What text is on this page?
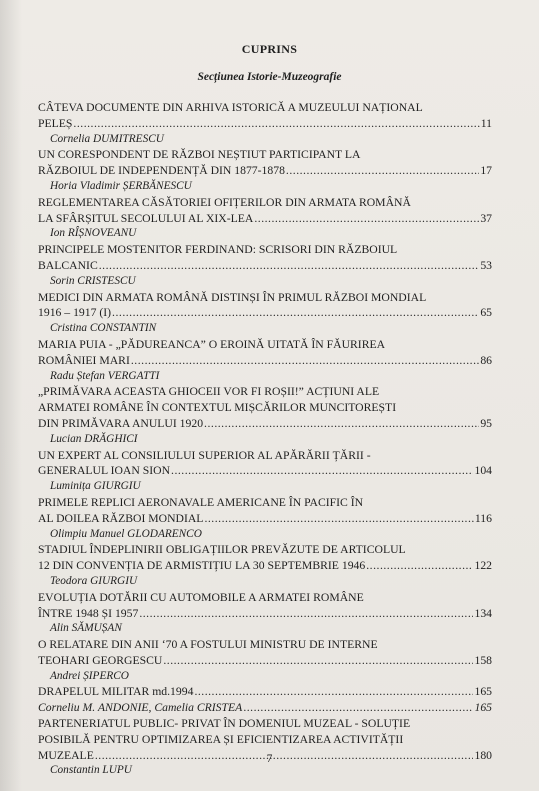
CUPRINS
Secțiunea Istorie-Muzeografie
CÂTEVA DOCUMENTE DIN ARHIVA ISTORICĂ A MUZEULUI NAȚIONAL
PELEȘ .....	11
Cornelia DUMITRESCU
UN CORESPONDENT DE RĂZBOI NEȘTIUT PARTICIPANT LA
RĂZBOIUL DE INDEPENDENȚĂ DIN 1877-1878 .....	17
Horia Vladimir ȘERBĂNESCU
REGLEMENTAREA CĂSĂTORIEI OFIȚERILOR DIN ARMATA ROMÂNĂ
LA SFÂRȘITUL SECOLULUI AL XIX-LEA .....	37
Ion RÎȘNOVEANU
PRINCIPELE MOSTENITOR FERDINAND: SCRISORI DIN RĂZBOIUL
BALCANIC .....	53
Sorin CRISTESCU
MEDICI DIN ARMATA ROMÂNĂ DISTINȘI ÎN PRIMUL RĂZBOI MONDIAL
1916 – 1917 (I) .....	65
Cristina CONSTANTIN
MARIA PUIA - „PĂDUREANCA” O EROINĂ UITATĂ ÎN FĂURIREA
ROMÂNIEI MARI .....	86
Radu Ștefan VERGATTI
„PRIMĂVARA ACEASTA GHIOCEII VOR FI ROȘII!” ACȚIUNI ALE
ARMATEI ROMÂNE ÎN CONTEXTUL MIȘCĂRILOR MUNCITOREȘTI
DIN PRIMĂVARA ANULUI 1920 .....	95
Lucian DRĂGHICI
UN EXPERT AL CONSILIULUI SUPERIOR AL APĂRĂRII ȚĂRII -
GENERALUL IOAN SION .....	104
Luminița GIURGIU
PRIMELE REPLICI AERONAVALE AMERICANE ÎN PACIFIC ÎN
AL DOILEA RĂZBOI MONDIAL .....	116
Olimpiu Manuel GLODARENCO
STADIUL ÎNDEPLINIRII OBLIGAȚIILOR PREVĂZUTE DE ARTICOLUL
12 DIN CONVENȚIA DE ARMISTIȚIU LA 30 SEPTEMBRIE 1946 .....	122
Teodora GIURGIU
EVOLUȚIA DOTĂRII CU AUTOMOBILE A ARMATEI ROMÂNE
ÎNTRE 1948 ȘI 1957 .....	134
Alin SĂMUȘAN
O RELATARE DIN ANII ‘70 A FOSTULUI MINISTRU DE INTERNE
TEOHARI GEORGESCU .....	158
Andrei ȘIPERCO
DRAPELUL MILITAR md.1994 .....	165
Corneliu M. ANDONIE, Camelia CRISTEA .....	165
PARTENERIATUL PUBLIC- PRIVAT ÎN DOMENIUL MUZEAL - SOLUȚIE
POSIBILĂ PENTRU OPTIMIZAREA ȘI EFICIENTIZAREA ACTIVITĂȚII
MUZEALE .....	180
Constantin LUPU
7
